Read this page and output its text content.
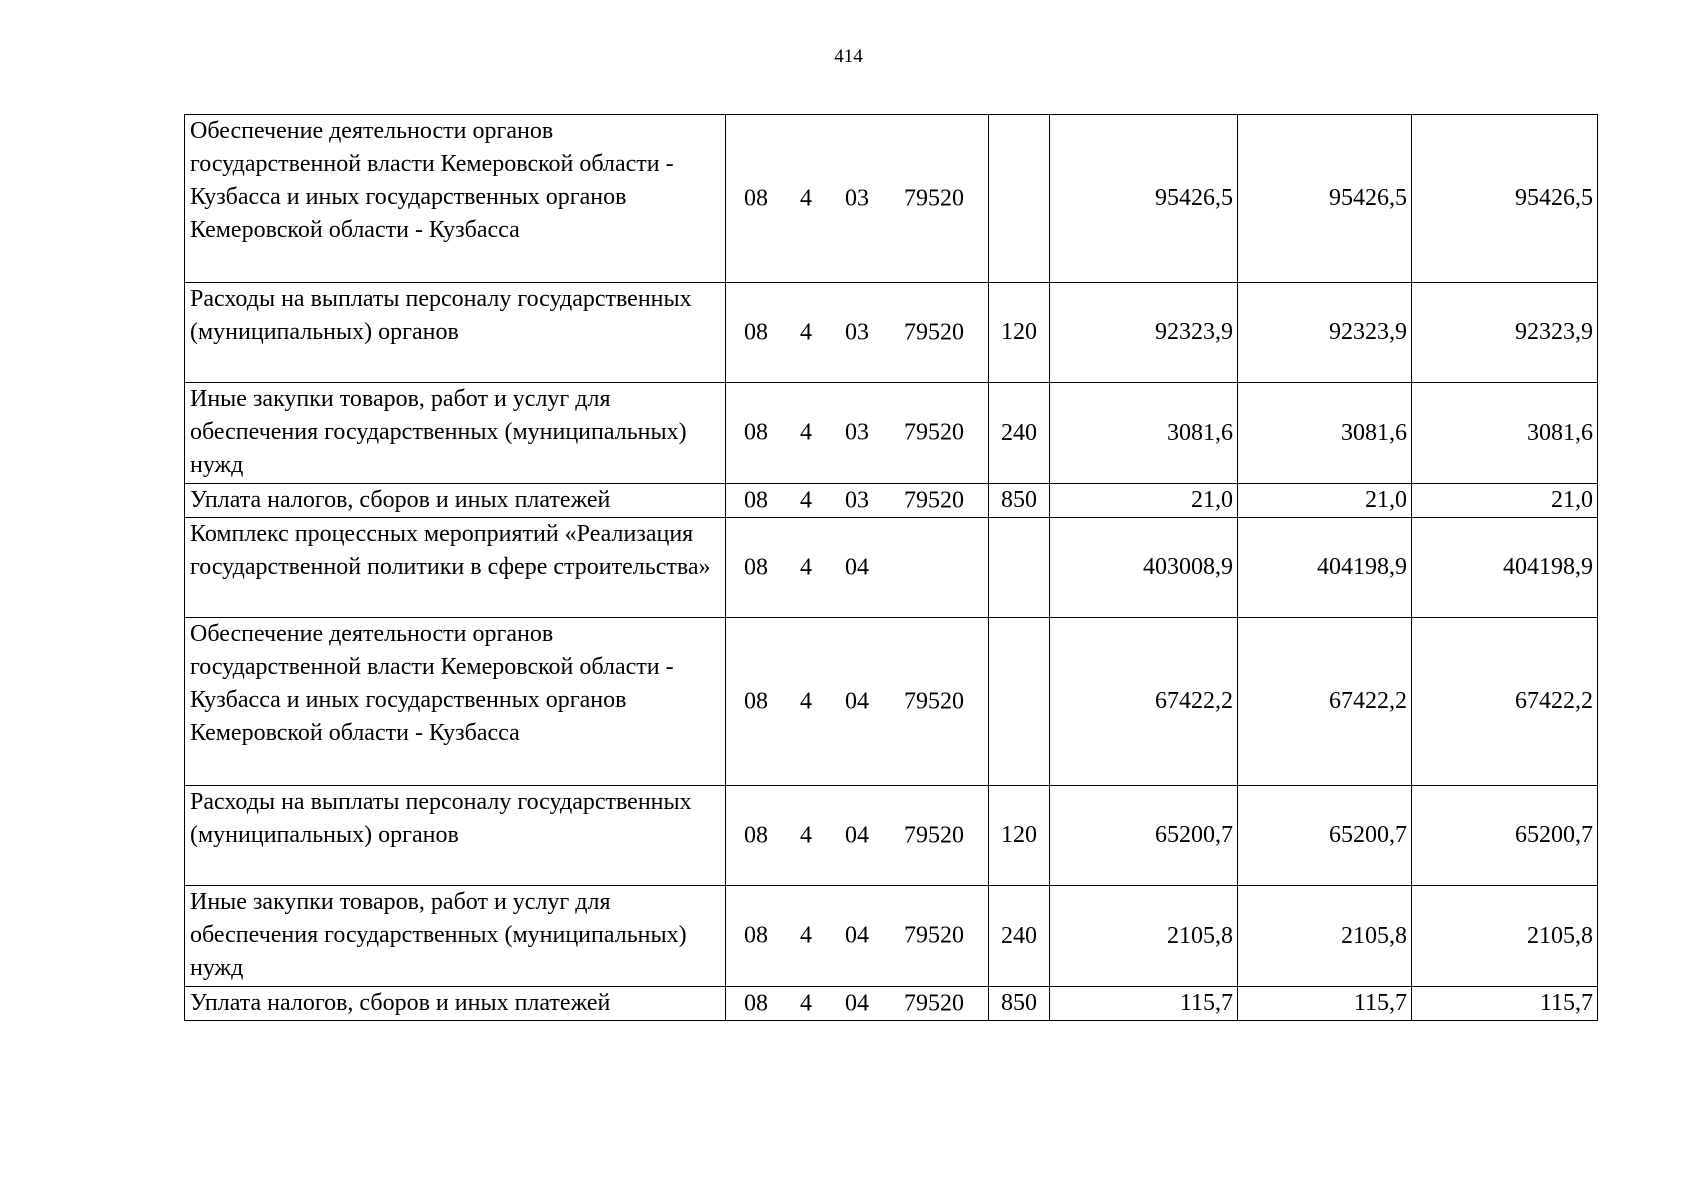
414
Обеспечение деятельности органов государственной власти Кемеровской области - Кузбасса и иных государственных органов Кемеровской области - Кузбасса	08 4 03 79520		95426,5	95426,5	95426,5
Расходы на выплаты персоналу государственных (муниципальных) органов	08 4 03 79520	120	92323,9	92323,9	92323,9
Иные закупки товаров, работ и услуг для обеспечения государственных (муниципальных) нужд	08 4 03 79520	240	3081,6	3081,6	3081,6
Уплата налогов, сборов и иных платежей	08 4 03 79520	850	21,0	21,0	21,0
Комплекс процессных мероприятий «Реализация государственной политики в сфере строительства»	08 4 04		403008,9	404198,9	404198,9
Обеспечение деятельности органов государственной власти Кемеровской области - Кузбасса и иных государственных органов Кемеровской области - Кузбасса	08 4 04 79520		67422,2	67422,2	67422,2
Расходы на выплаты персоналу государственных (муниципальных) органов	08 4 04 79520	120	65200,7	65200,7	65200,7
Иные закупки товаров, работ и услуг для обеспечения государственных (муниципальных) нужд	08 4 04 79520	240	2105,8	2105,8	2105,8
Уплата налогов, сборов и иных платежей	08 4 04 79520	850	115,7	115,7	115,7
